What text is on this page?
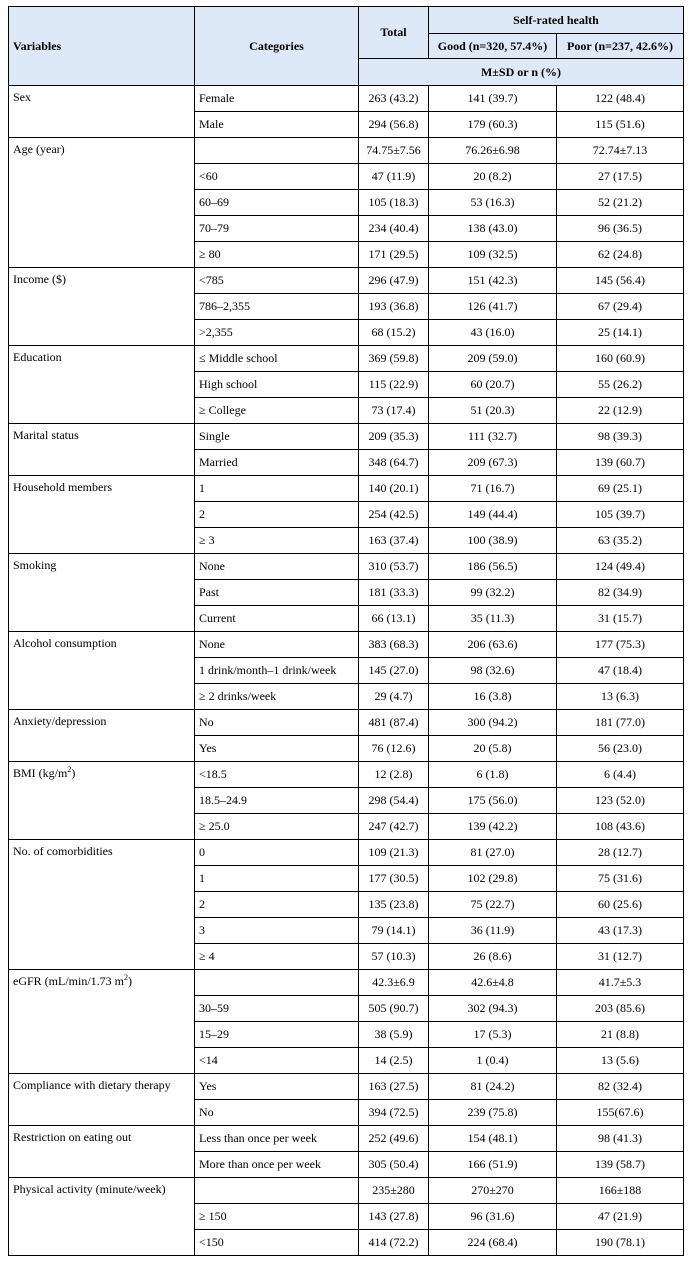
Variables	Categories	Total	Self-rated health	
			Good (n=320, 57.4%)	Poor (n=237, 42.6%)
		M±SD or n (%)		
Sex	Female	263 (43.2)	141 (39.7)	122 (48.4)
	Male	294 (56.8)	179 (60.3)	115 (51.6)
Age (year)		74.75±7.56	76.26±6.98	72.74±7.13
	<60	47 (11.9)	20 (8.2)	27 (17.5)
	60–69	105 (18.3)	53 (16.3)	52 (21.2)
	70–79	234 (40.4)	138 (43.0)	96 (36.5)
	≥ 80	171 (29.5)	109 (32.5)	62 (24.8)
Income ($)	<785	296 (47.9)	151 (42.3)	145 (56.4)
	786–2,355	193 (36.8)	126 (41.7)	67 (29.4)
	>2,355	68 (15.2)	43 (16.0)	25 (14.1)
Education	≤ Middle school	369 (59.8)	209 (59.0)	160 (60.9)
	High school	115 (22.9)	60 (20.7)	55 (26.2)
	≥ College	73 (17.4)	51 (20.3)	22 (12.9)
Marital status	Single	209 (35.3)	111 (32.7)	98 (39.3)
	Married	348 (64.7)	209 (67.3)	139 (60.7)
Household members	1	140 (20.1)	71 (16.7)	69 (25.1)
	2	254 (42.5)	149 (44.4)	105 (39.7)
	≥ 3	163 (37.4)	100 (38.9)	63 (35.2)
Smoking	None	310 (53.7)	186 (56.5)	124 (49.4)
	Past	181 (33.3)	99 (32.2)	82 (34.9)
	Current	66 (13.1)	35 (11.3)	31 (15.7)
Alcohol consumption	None	383 (68.3)	206 (63.6)	177 (75.3)
	1 drink/month–1 drink/week	145 (27.0)	98 (32.6)	47 (18.4)
	≥ 2 drinks/week	29 (4.7)	16 (3.8)	13 (6.3)
Anxiety/depression	No	481 (87.4)	300 (94.2)	181 (77.0)
	Yes	76 (12.6)	20 (5.8)	56 (23.0)
BMI $(kg/m^2)$	<18.5	12 (2.8)	6 (1.8)	6 (4.4)
	18.5–24.9	298 (54.4)	175 (56.0)	123 (52.0)
	≥ 25.0	247 (42.7)	139 (42.2)	108 (43.6)
No. of comorbidities	0	109 (21.3)	81 (27.0)	28 (12.7)
	1	177 (30.5)	102 (29.8)	75 (31.6)
	2	135 (23.8)	75 (22.7)	60 (25.6)
	3	79 (14.1)	36 (11.9)	43 (17.3)
	≥ 4	57 (10.3)	26 (8.6)	31 (12.7)
eGFR (mL/min/1.73 $m^2$)		42.3±6.9	42.6±4.8	41.7±5.3
	30–59	505 (90.7)	302 (94.3)	203 (85.6)
	15–29	38 (5.9)	17 (5.3)	21 (8.8)
	<14	14 (2.5)	1 (0.4)	13 (5.6)
Compliance with dietary therapy	Yes	163 (27.5)	81 (24.2)	82 (32.4)
	No	394 (72.5)	239 (75.8)	155(67.6)
Restriction on eating out	Less than once per week	252 (49.6)	154 (48.1)	98 (41.3)
	More than once per week	305 (50.4)	166 (51.9)	139 (58.7)
Physical activity (minute/week)		235±280	270±270	166±188
	≥ 150	143 (27.8)	96 (31.6)	47 (21.9)
	<150	414 (72.2)	224 (68.4)	190 (78.1)
